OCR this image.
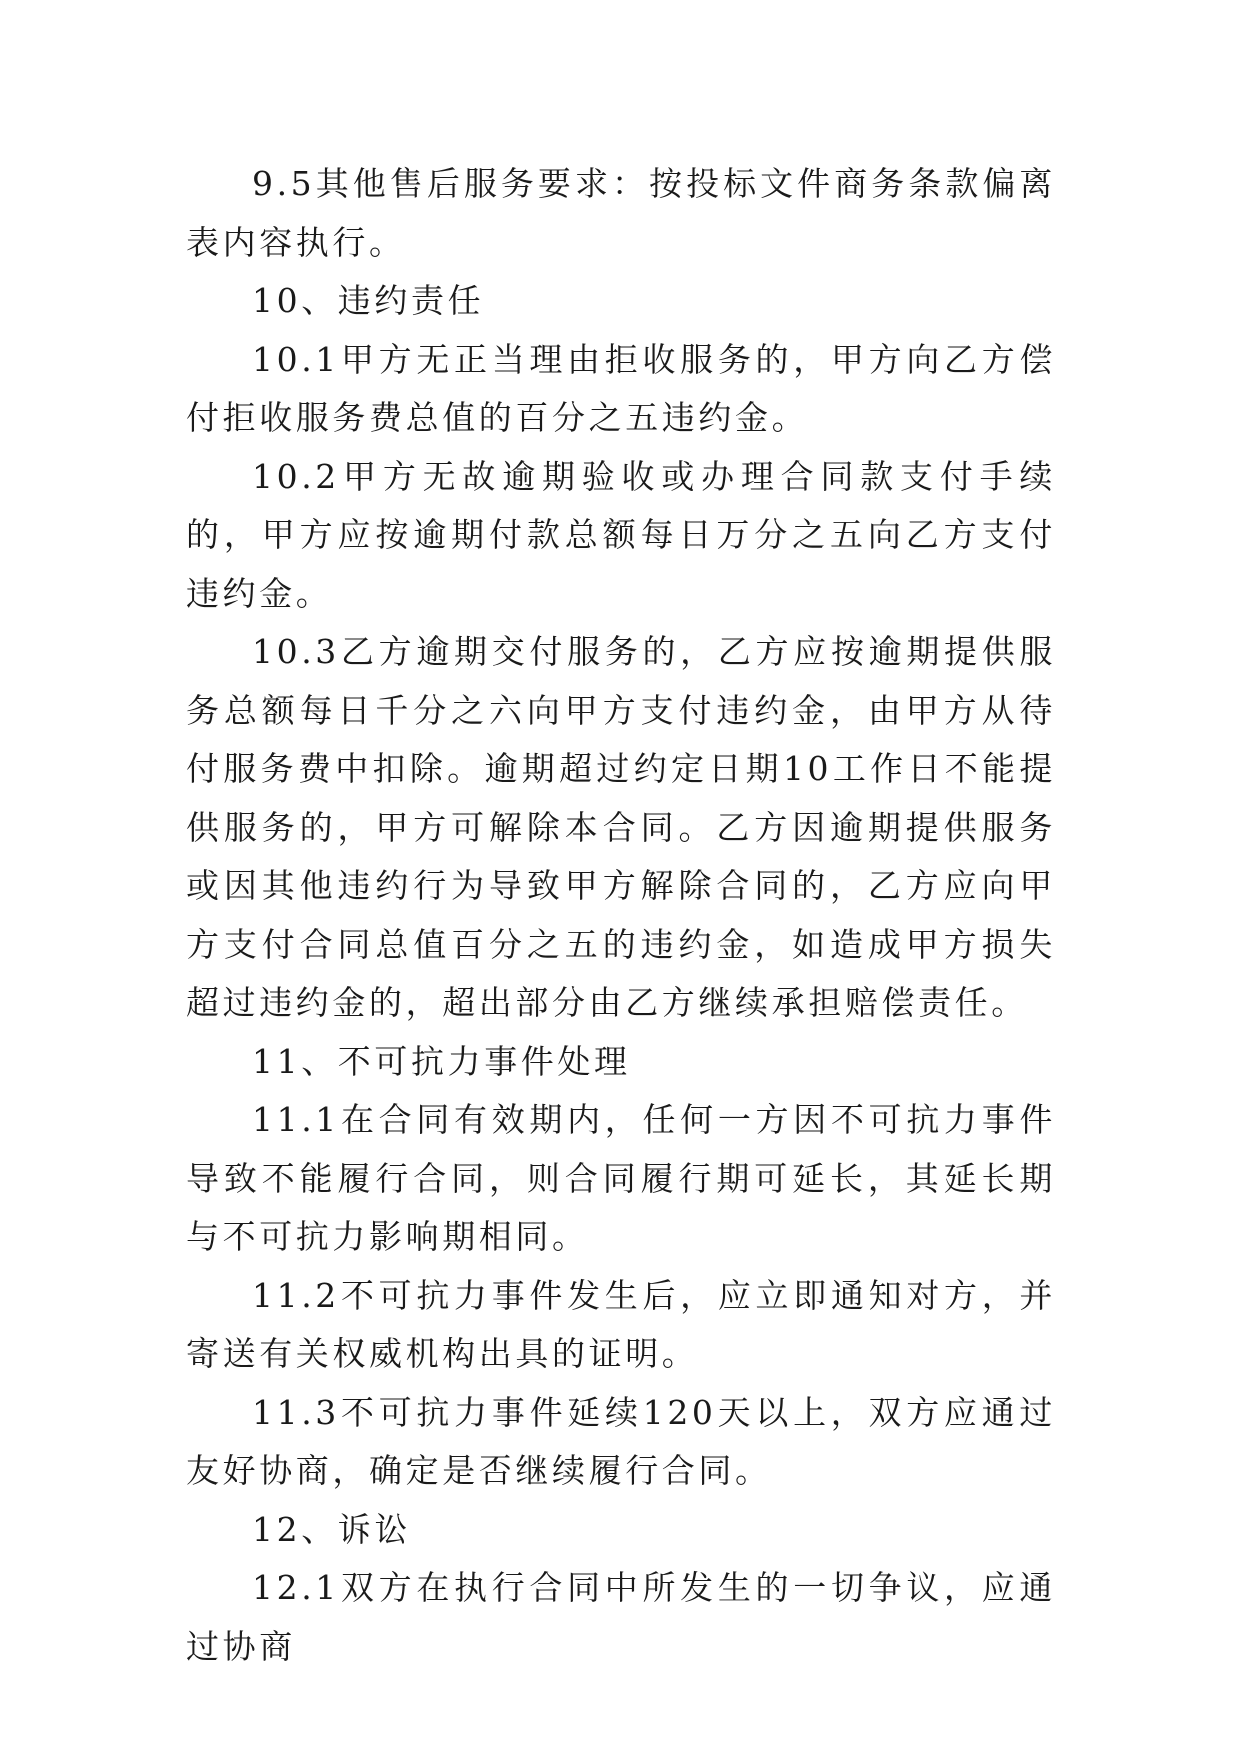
9.5其他售后服务要求：按投标文件商务条款偏离表内容执行。

10、违约责任

10.1甲方无正当理由拒收服务的，甲方向乙方偿付拒收服务费总值的百分之五违约金。

10.2甲方无故逾期验收或办理合同款支付手续的，甲方应按逾期付款总额每日万分之五向乙方支付违约金。

10.3乙方逾期交付服务的，乙方应按逾期提供服务总额每日千分之六向甲方支付违约金，由甲方从待付服务费中扣除。逾期超过约定日期10工作日不能提供服务的，甲方可解除本合同。乙方因逾期提供服务或因其他违约行为导致甲方解除合同的，乙方应向甲方支付合同总值百分之五的违约金，如造成甲方损失超过违约金的，超出部分由乙方继续承担赔偿责任。

11、不可抗力事件处理

11.1在合同有效期内，任何一方因不可抗力事件导致不能履行合同，则合同履行期可延长，其延长期与不可抗力影响期相同。

11.2不可抗力事件发生后，应立即通知对方，并寄送有关权威机构出具的证明。

11.3不可抗力事件延续120天以上，双方应通过友好协商，确定是否继续履行合同。

12、诉讼

12.1双方在执行合同中所发生的一切争议，应通过协商
